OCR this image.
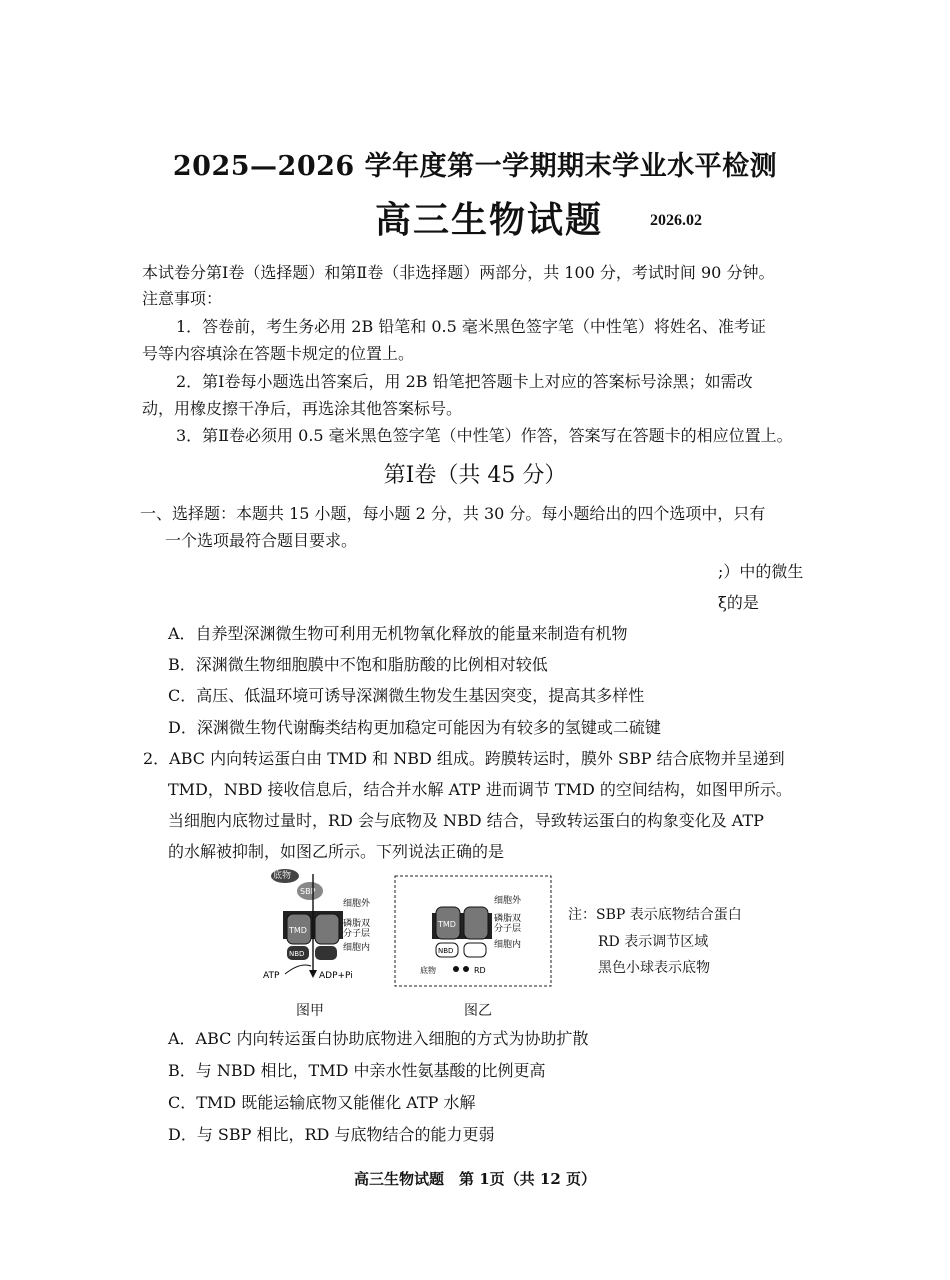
2025—2026 学年度第一学期期末学业水平检测
高三生物试题	2026.02
本试卷分第Ⅰ卷（选择题）和第Ⅱ卷（非选择题）两部分，共 100 分，考试时间 90 分钟。
注意事项：
1．答卷前，考生务必用 2B 铅笔和 0.5 毫米黑色签字笔（中性笔）将姓名、准考证
号等内容填涂在答题卡规定的位置上。
2．第Ⅰ卷每小题选出答案后，用 2B 铅笔把答题卡上对应的答案标号涂黑；如需改
动，用橡皮擦干净后，再选涂其他答案标号。
3．第Ⅱ卷必须用 0.5 毫米黑色签字笔（中性笔）作答，答案写在答题卡的相应位置上。
第Ⅰ卷（共 45 分）
一、选择题：本题共 15 小题，每小题 2 分，共 30 分。每小题给出的四个选项中，只有
一个选项最符合题目要求。
;）中的微生
ξ的是
A．自养型深渊微生物可利用无机物氧化释放的能量来制造有机物
B．深渊微生物细胞膜中不饱和脂肪酸的比例相对较低
C．高压、低温环境可诱导深渊微生物发生基因突变，提高其多样性
D．深渊微生物代谢酶类结构更加稳定可能因为有较多的氢键或二硫键
2．ABC 内向转运蛋白由 TMD 和 NBD 组成。跨膜转运时，膜外 SBP 结合底物并呈递到
TMD，NBD 接收信息后，结合并水解 ATP 进而调节 TMD 的空间结构，如图甲所示。
当细胞内底物过量时，RD 会与底物及 NBD 结合，导致转运蛋白的构象变化及 ATP
的水解被抑制，如图乙所示。下列说法正确的是
底物
SBP
TMD
NBD
细胞外
磷脂双
分子层
细胞内
ATP	ADP+Pi
图甲
TMD
NBD
细胞外
磷脂双
分子层
细胞内
底物	RD
图乙
注：SBP 表示底物结合蛋白
RD 表示调节区域
黑色小球表示底物
A．ABC 内向转运蛋白协助底物进入细胞的方式为协助扩散
B．与 NBD 相比，TMD 中亲水性氨基酸的比例更高
C．TMD 既能运输底物又能催化 ATP 水解
D．与 SBP 相比，RD 与底物结合的能力更弱
高三生物试题　第 1页（共 12 页）
